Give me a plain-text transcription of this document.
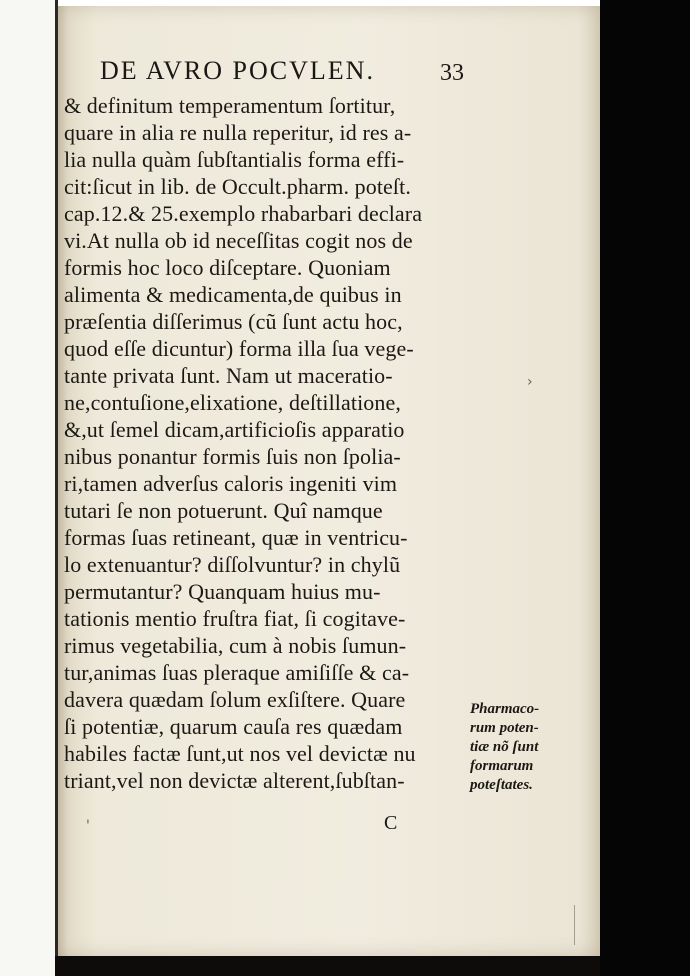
DE AVRO POCVLEN.	33
& definitum temperamentum ſortitur,
quare in alia re nulla reperitur, id res a-
lia nulla quàm ſubſtantialis forma effi-
cit:ſicut in lib. de Occult.pharm. poteſt.
cap.12.& 25.exemplo rhabarbari declara
vi.At nulla ob id neceſſitas cogit nos de
formis hoc loco diſceptare. Quoniam
alimenta & medicamenta,de quibus in
præſentia diſſerimus (cũ ſunt actu hoc,
quod eſſe dicuntur) forma illa ſua vege-
tante privata ſunt. Nam ut maceratio-
ne,contuſione,elixatione, deſtillatione,
&,ut ſemel dicam,artificioſis apparatio
nibus ponantur formis ſuis non ſpolia-
ri,tamen adverſus caloris ingeniti vim
tutari ſe non potuerunt. Quî namque
formas ſuas retineant, quæ in ventricu-
lo extenuantur? diſſolvuntur? in chylũ
permutantur? Quanquam huius mu-
tationis mentio fruſtra fiat, ſi cogitave-
rimus vegetabilia, cum à nobis ſumun-
tur,animas ſuas pleraque amiſiſſe & ca-
davera quædam ſolum exſiſtere. Quare
ſi potentiæ, quarum cauſa res quædam
habiles factæ ſunt,ut nos vel devictæ nu
triant,vel non devictæ alterent,ſubſtan-
Pharmaco-
rum poten-
tiæ nõ ſunt
formarum
poteſtates.
C
'
›
